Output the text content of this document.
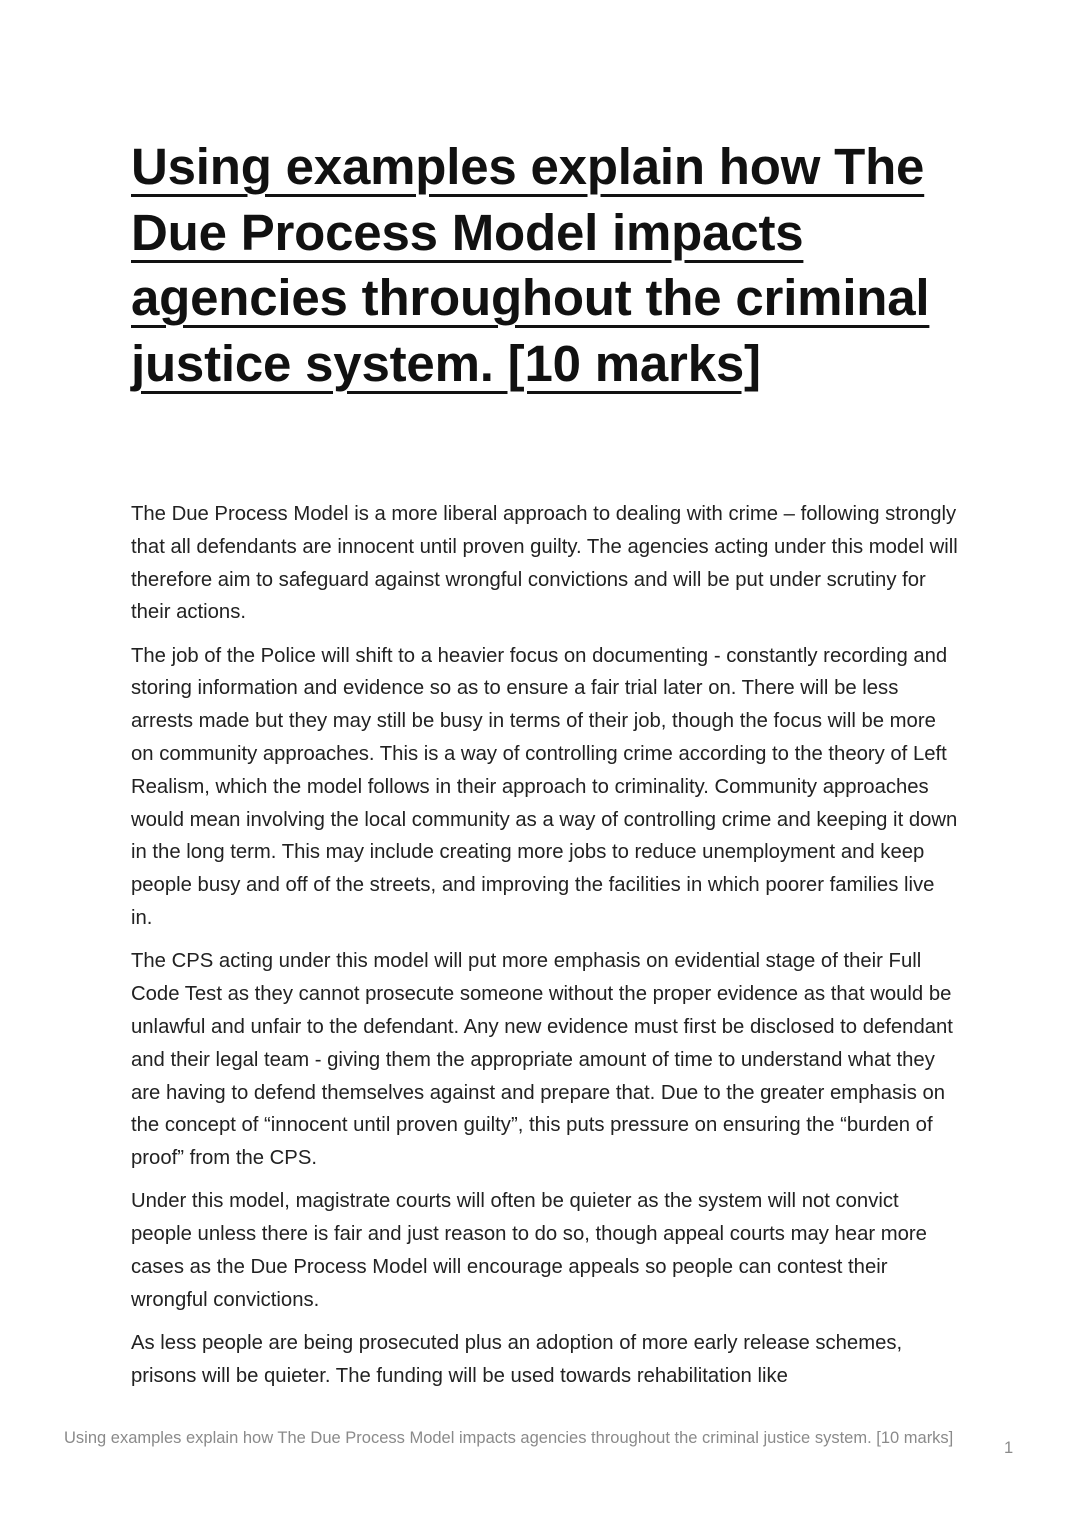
Using examples explain how The Due Process Model impacts agencies throughout the criminal justice system. [10 marks]

The Due Process Model is a more liberal approach to dealing with crime – following strongly that all defendants are innocent until proven guilty. The agencies acting under this model will therefore aim to safeguard against wrongful convictions and will be put under scrutiny for their actions.

The job of the Police will shift to a heavier focus on documenting - constantly recording and storing information and evidence so as to ensure a fair trial later on. There will be less arrests made but they may still be busy in terms of their job, though the focus will be more on community approaches. This is a way of controlling crime according to the theory of Left Realism, which the model follows in their approach to criminality. Community approaches would mean involving the local community as a way of controlling crime and keeping it down in the long term. This may include creating more jobs to reduce unemployment and keep people busy and off of the streets, and improving the facilities in which poorer families live in.

The CPS acting under this model will put more emphasis on evidential stage of their Full Code Test as they cannot prosecute someone without the proper evidence as that would be unlawful and unfair to the defendant. Any new evidence must first be disclosed to defendant and their legal team - giving them the appropriate amount of time to understand what they are having to defend themselves against and prepare that. Due to the greater emphasis on the concept of “innocent until proven guilty”, this puts pressure on ensuring the “burden of proof” from the CPS.

Under this model, magistrate courts will often be quieter as the system will not convict people unless there is fair and just reason to do so, though appeal courts may hear more cases as the Due Process Model will encourage appeals so people can contest their wrongful convictions.

As less people are being prosecuted plus an adoption of more early release schemes, prisons will be quieter. The funding will be used towards rehabilitation like

Using examples explain how The Due Process Model impacts agencies throughout the criminal justice system. [10 marks]
1
